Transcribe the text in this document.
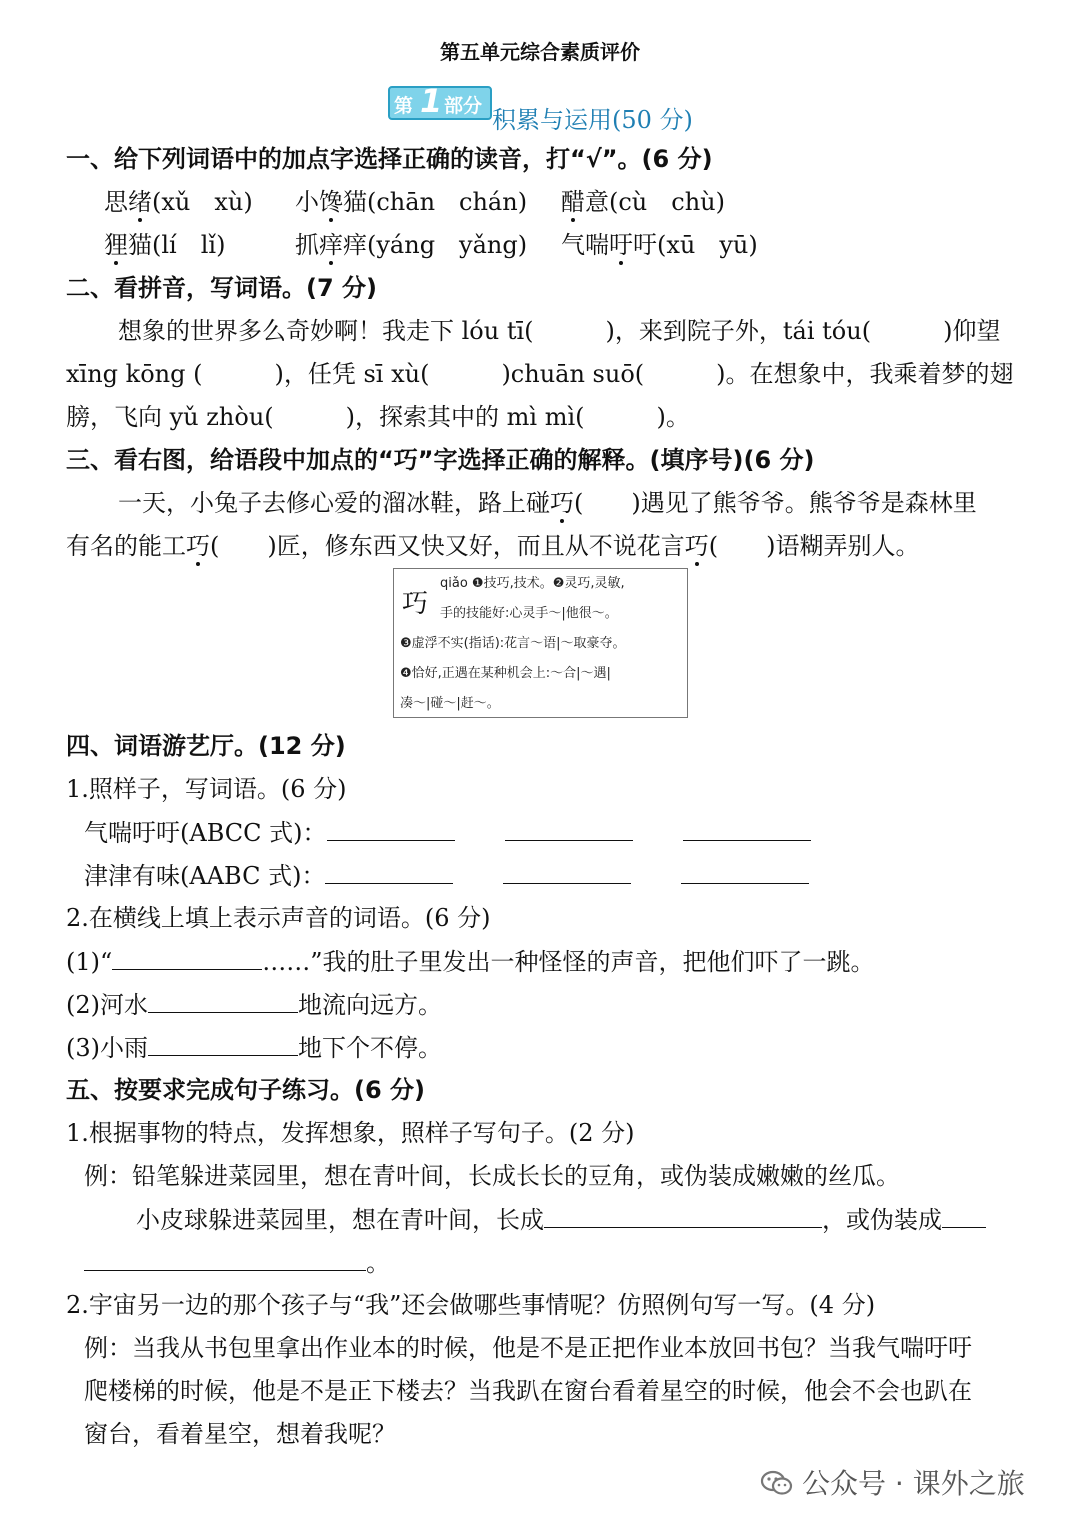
第五单元综合素质评价
第 1 部分 积累与运用(50 分)
一、给下列词语中的加点字选择正确的读音，打“√”。(6 分)
思绪(xǔ　xù) 小馋猫(chān　chán) 醋意(cù　chù)
狸猫(lí　lǐ)	抓痒痒(yáng　yǎng) 气喘吁吁(xū　yū)
二、看拼音，写词语。(7 分)
想象的世界多么奇妙啊！我走下 lóu tī(	)，来到院子外，tái tóu(	)仰望
xīng kōng (	)，任凭 sī xù(	)chuān suō(	)。在想象中，我乘着梦的翅
膀，飞向 yǔ zhòu(	)，探索其中的 mì mì(	)。
三、看右图，给语段中加点的“巧”字选择正确的解释。(填序号)(6 分)
一天，小兔子去修心爱的溜冰鞋，路上碰巧(　　)遇见了熊爷爷。熊爷爷是森林里
有名的能工巧(　　)匠，修东西又快又好，而且从不说花言巧(　　)语糊弄别人。
巧
qiǎo ❶技巧,技术。❷灵巧,灵敏,
手的技能好:心灵手～|他很～。
❸虚浮不实(指话):花言～语|～取豪夺。
❹恰好,正遇在某种机会上:～合|～遇|
凑～|碰～|赶～。
四、词语游艺厅。(12 分)
1.照样子，写词语。(6 分)
气喘吁吁(ABCC 式)：
津津有味(AABC 式)：
2.在横线上填上表示声音的词语。(6 分)
(1)“	……”我的肚子里发出一种怪怪的声音，把他们吓了一跳。
(2)河水	地流向远方。
(3)小雨	地下个不停。
五、按要求完成句子练习。(6 分)
1.根据事物的特点，发挥想象，照样子写句子。(2 分)
例：铅笔躲进菜园里，想在青叶间，长成长长的豆角，或伪装成嫩嫩的丝瓜。
小皮球躲进菜园里，想在青叶间，长成	，或伪装成
。
2.宇宙另一边的那个孩子与“我”还会做哪些事情呢？仿照例句写一写。(4 分)
例：当我从书包里拿出作业本的时候，他是不是正把作业本放回书包？当我气喘吁吁
爬楼梯的时候，他是不是正下楼去？当我趴在窗台看着星空的时候，他会不会也趴在
窗台，看着星空，想着我呢？
公众号 · 课外之旅
